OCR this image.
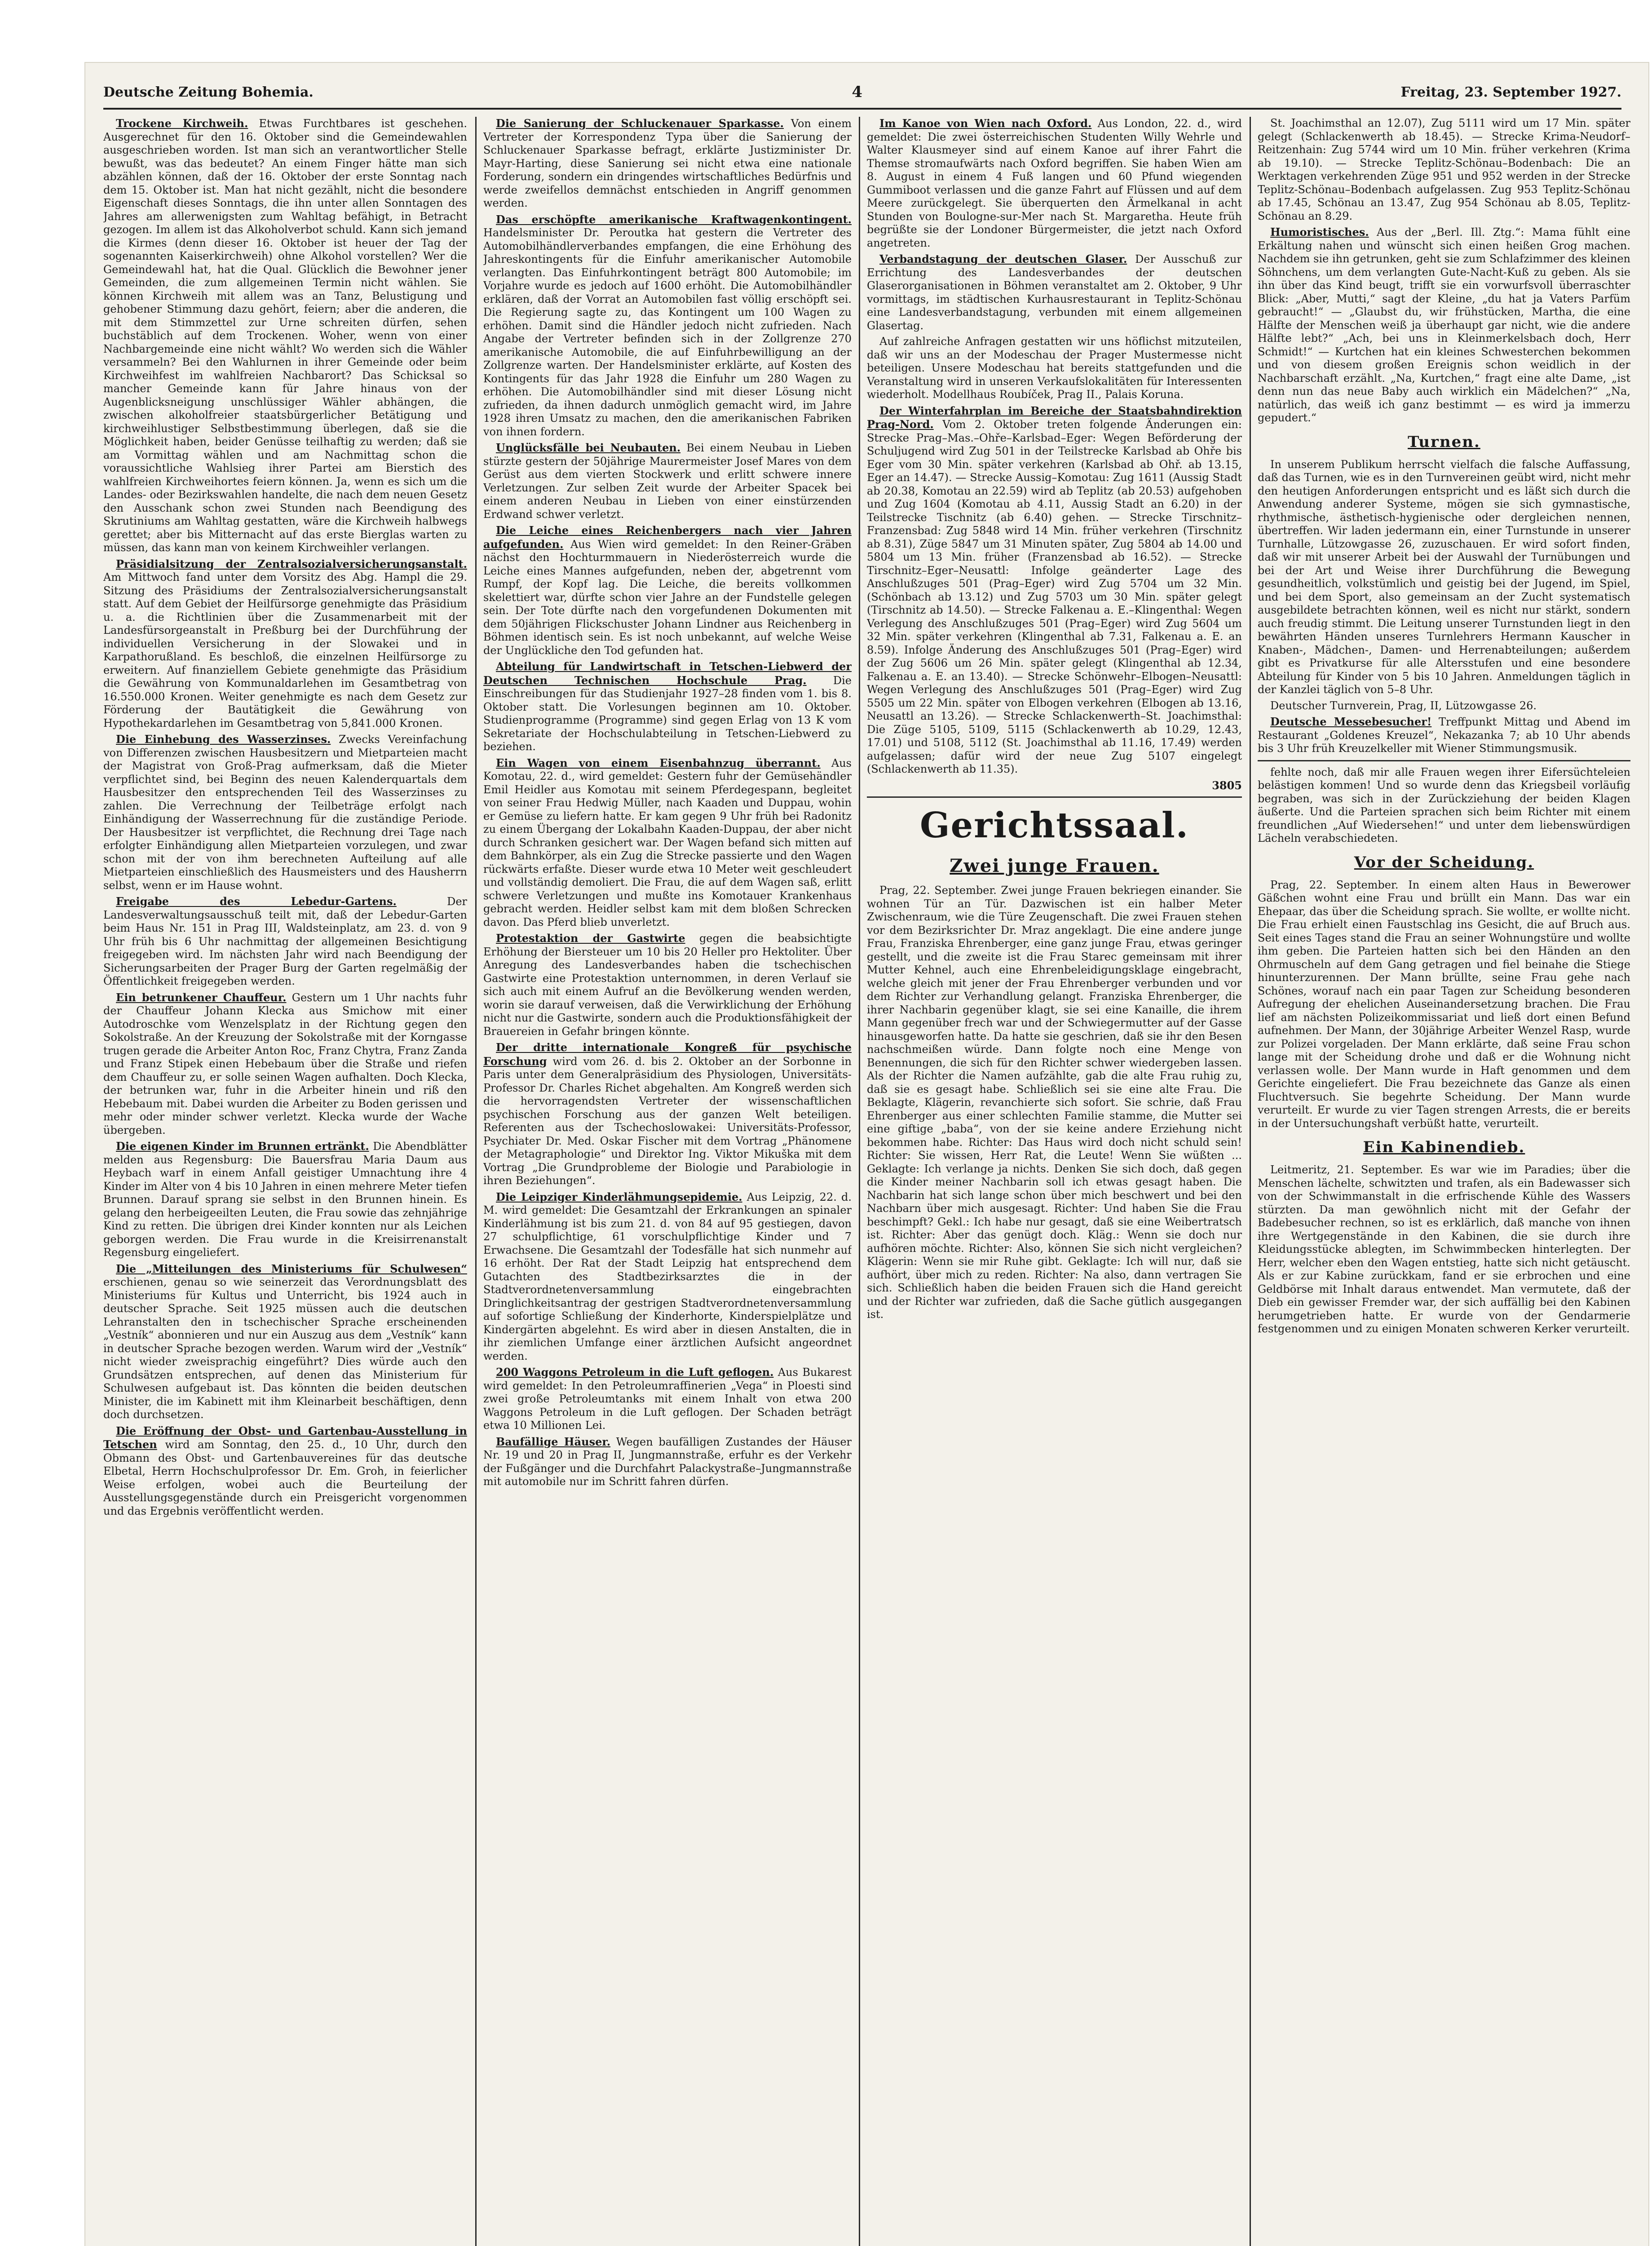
Deutsche Zeitung Bohemia.	4	Freitag, 23. September 1927.

Trockene Kirchweih. Etwas Furchtbares ist geschehen. Ausgerechnet für den 16. Oktober sind die Gemeindewahlen ausgeschrieben worden. Ist man sich an verantwortlicher Stelle bewußt, was das bedeutet? An einem Finger hätte man sich abzählen können, daß der 16. Oktober der erste Sonntag nach dem 15. Oktober ist. Man hat nicht gezählt, nicht die besondere Eigenschaft dieses Sonntags, die ihn unter allen Sonntagen des Jahres am allerwenigsten zum Wahltag befähigt, in Betracht gezogen. Im allem ist das Alkoholverbot schuld. Kann sich jemand die Kirmes (denn dieser 16. Oktober ist heuer der Tag der sogenannten Kaiserkirchweih) ohne Alkohol vorstellen? Wer die Gemeindewahl hat, hat die Qual. Glücklich die Bewohner jener Gemeinden, die zum allgemeinen Termin nicht wählen. Sie können Kirchweih mit allem was an Tanz, Belustigung und gehobener Stimmung dazu gehört, feiern; aber die anderen, die mit dem Stimmzettel zur Urne schreiten dürfen, sehen buchstäblich auf dem Trockenen. Woher, wenn von einer Nachbargemeinde eine nicht wählt? Wo werden sich die Wähler versammeln? Bei den Wahlurnen in ihrer Gemeinde oder beim Kirchweihfest im wahlfreien Nachbarort? Das Schicksal so mancher Gemeinde kann für Jahre hinaus von der Augenblicksneigung unschlüssiger Wähler abhängen, die zwischen alkoholfreier staatsbürgerlicher Betätigung und kirchweihlustiger Selbstbestimmung überlegen, daß sie die Möglichkeit haben, beider Genüsse teilhaftig zu werden; daß sie am Vormittag wählen und am Nachmittag schon die voraussichtliche Wahlsieg ihrer Partei am Bierstich des wahlfreien Kirchweihortes feiern können. Ja, wenn es sich um die Landes- oder Bezirkswahlen handelte, die nach dem neuen Gesetz den Ausschank schon zwei Stunden nach Beendigung des Skrutiniums am Wahltag gestatten, wäre die Kirchweih halbwegs gerettet; aber bis Mitternacht auf das erste Bierglas warten zu müssen, das kann man von keinem Kirchweihler verlangen.

Präsidialsitzung der Zentralsozialversicherungsanstalt. Am Mittwoch fand unter dem Vorsitz des Abg. Hampl die 29. Sitzung des Präsidiums der Zentralsozialversicherungsanstalt statt. Auf dem Gebiet der Heilfürsorge genehmigte das Präsidium u. a. die Richtlinien über die Zusammenarbeit mit der Landesfürsorgeanstalt in Preßburg bei der Durchführung der individuellen Versicherung in der Slowakei und in Karpathorußland. Es beschloß, die einzelnen Heilfürsorge zu erweitern. Auf finanziellem Gebiete genehmigte das Präsidium die Gewährung von Kommunaldarlehen im Gesamtbetrag von 16.550.000 Kronen. Weiter genehmigte es nach dem Gesetz zur Förderung der Bautätigkeit die Gewährung von Hypothekardarlehen im Gesamtbetrag von 5,841.000 Kronen.

Die Einhebung des Wasserzinses. Zwecks Vereinfachung von Differenzen zwischen Hausbesitzern und Mietparteien macht der Magistrat von Groß-Prag aufmerksam, daß die Mieter verpflichtet sind, bei Beginn des neuen Kalenderquartals dem Hausbesitzer den entsprechenden Teil des Wasserzinses zu zahlen. Die Verrechnung der Teilbeträge erfolgt nach Einhändigung der Wasserrechnung für die zuständige Periode. Der Hausbesitzer ist verpflichtet, die Rechnung drei Tage nach erfolgter Einhändigung allen Mietparteien vorzulegen, und zwar schon mit der von ihm berechneten Aufteilung auf alle Mietparteien einschließlich des Hausmeisters und des Hausherrn selbst, wenn er im Hause wohnt.

Freigabe des Lebedur-Gartens.	Der Landesverwaltungsausschuß teilt mit, daß der Lebedur-Garten beim Haus Nr. 151 in Prag III, Waldsteinplatz, am 23. d. von 9 Uhr früh bis 6 Uhr nachmittag der allgemeinen Besichtigung freigegeben wird. Im nächsten Jahr wird nach Beendigung der Sicherungsarbeiten der Prager Burg der Garten regelmäßig der Öffentlichkeit freigegeben werden.

Ein betrunkener Chauffeur. Gestern um 1 Uhr nachts fuhr der Chauffeur Johann Klecka aus Smichow mit einer Autodroschke vom Wenzelsplatz in der Richtung gegen den Sokolstraße. An der Kreuzung der Sokolstraße mit der Korngasse trugen gerade die Arbeiter Anton Roc, Franz Chytra, Franz Zanda und Franz Stipek einen Hebebaum über die Straße und riefen dem Chauffeur zu, er solle seinen Wagen aufhalten. Doch Klecka, der betrunken war, fuhr in die Arbeiter hinein und riß den Hebebaum mit. Dabei wurden die Arbeiter zu Boden gerissen und mehr oder minder schwer verletzt. Klecka wurde der Wache übergeben.

Die eigenen Kinder im Brunnen ertränkt. Die Abendblätter melden aus Regensburg: Die Bauersfrau Maria Daum aus Heybach warf in einem Anfall geistiger Umnachtung ihre 4 Kinder im Alter von 4 bis 10 Jahren in einen mehrere Meter tiefen Brunnen. Darauf sprang sie selbst in den Brunnen hinein. Es gelang den herbeigeeilten Leuten, die Frau sowie das zehnjährige Kind zu retten. Die übrigen drei Kinder konnten nur als Leichen geborgen werden. Die Frau wurde in die Kreisirrenanstalt Regensburg eingeliefert.

Die „Mitteilungen des Ministeriums für Schulwesen“ erschienen, genau so wie seinerzeit das Verordnungsblatt des Ministeriums für Kultus und Unterricht, bis 1924 auch in deutscher Sprache. Seit 1925 müssen auch die deutschen Lehranstalten den in tschechischer Sprache erscheinenden „Vestník“ abonnieren und nur ein Auszug aus dem „Vestník“ kann in deutscher Sprache bezogen werden. Warum wird der „Vestník“ nicht wieder zweisprachig eingeführt? Dies würde auch den Grundsätzen entsprechen, auf denen das Ministerium für Schulwesen aufgebaut ist. Das könnten die beiden deutschen Minister, die im Kabinett mit ihm Kleinarbeit beschäftigen, denn doch durchsetzen.

Die Eröffnung der Obst- und Gartenbau-Ausstellung in Tetschen wird am Sonntag, den 25. d., 10 Uhr, durch den Obmann des Obst- und Gartenbauvereines für das deutsche Elbetal, Herrn Hochschulprofessor Dr. Em. Groh, in feierlicher Weise erfolgen, wobei auch die Beurteilung der Ausstellungsgegenstände durch ein Preisgericht vorgenommen und das Ergebnis veröffentlicht werden.

Die Sanierung der Schluckenauer Sparkasse. Von einem Vertreter der Korrespondenz Typa über die Sanierung der Schluckenauer Sparkasse befragt, erklärte Justizminister Dr. Mayr-Harting, diese Sanierung sei nicht etwa eine nationale Forderung, sondern ein dringendes wirtschaftliches Bedürfnis und werde zweifellos demnächst entschieden in Angriff genommen werden.

Das erschöpfte amerikanische Kraftwagenkontingent. Handelsminister Dr. Peroutka hat gestern die Vertreter des Automobilhändlerverbandes empfangen, die eine Erhöhung des Jahreskontingents für die Einfuhr amerikanischer Automobile verlangten. Das Einfuhrkontingent beträgt 800 Automobile; im Vorjahre wurde es jedoch auf 1600 erhöht. Die Automobilhändler erklären, daß der Vorrat an Automobilen fast völlig erschöpft sei. Die Regierung sagte zu, das Kontingent um 100 Wagen zu erhöhen. Damit sind die Händler jedoch nicht zufrieden. Nach Angabe der Vertreter befinden sich in der Zollgrenze 270 amerikanische Automobile, die auf Einfuhrbewilligung an der Zollgrenze warten. Der Handelsminister erklärte, auf Kosten des Kontingents für das Jahr 1928 die Einfuhr um 280 Wagen zu erhöhen. Die Automobilhändler sind mit dieser Lösung nicht zufrieden, da ihnen dadurch unmöglich gemacht wird, im Jahre 1928 ihren Umsatz zu machen, den die amerikanischen Fabriken von ihnen fordern.

Unglücksfälle bei Neubauten. Bei einem Neubau in Lieben stürzte gestern der 50jährige Maurermeister Josef Mares von dem Gerüst aus dem vierten Stockwerk und erlitt schwere innere Verletzungen. Zur selben Zeit wurde der Arbeiter Spacek bei einem anderen Neubau in Lieben von einer einstürzenden Erdwand schwer verletzt.

Die Leiche eines Reichenbergers nach vier Jahren aufgefunden. Aus Wien wird gemeldet: In den Reiner-Gräben nächst den Hochturmmauern in Niederösterreich wurde die Leiche eines Mannes aufgefunden, neben der, abgetrennt vom Rumpf, der Kopf lag. Die Leiche, die bereits vollkommen skelettiert war, dürfte schon vier Jahre an der Fundstelle gelegen sein. Der Tote dürfte nach den vorgefundenen Dokumenten mit dem 50jährigen Flickschuster Johann Lindner aus Reichenberg in Böhmen identisch sein. Es ist noch unbekannt, auf welche Weise der Unglückliche den Tod gefunden hat.

Abteilung für Landwirtschaft in Tetschen-Liebwerd der Deutschen Technischen Hochschule Prag. Die Einschreibungen für das Studienjahr 1927–28 finden vom 1. bis 8. Oktober statt. Die Vorlesungen beginnen am 10. Oktober. Studienprogramme (Programme) sind gegen Erlag von 13 K vom Sekretariate der Hochschulabteilung in Tetschen-Liebwerd zu beziehen.

Ein Wagen von einem Eisenbahnzug überrannt. Aus Komotau, 22. d., wird gemeldet: Gestern fuhr der Gemüsehändler Emil Heidler aus Komotau mit seinem Pferdegespann, begleitet von seiner Frau Hedwig Müller, nach Kaaden und Duppau, wohin er Gemüse zu liefern hatte. Er kam gegen 9 Uhr früh bei Radonitz zu einem Übergang der Lokalbahn Kaaden-Duppau, der aber nicht durch Schranken gesichert war. Der Wagen befand sich mitten auf dem Bahnkörper, als ein Zug die Strecke passierte und den Wagen rückwärts erfaßte. Dieser wurde etwa 10 Meter weit geschleudert und vollständig demoliert. Die Frau, die auf dem Wagen saß, erlitt schwere Verletzungen und mußte ins Komotauer Krankenhaus gebracht werden. Heidler selbst kam mit dem bloßen Schrecken davon. Das Pferd blieb unverletzt.

Protestaktion der Gastwirte gegen die beabsichtigte Erhöhung der Biersteuer um 10 bis 20 Heller pro Hektoliter. Über Anregung des Landesverbandes haben die tschechischen Gastwirte eine Protestaktion unternommen, in deren Verlauf sie sich auch mit einem Aufruf an die Bevölkerung wenden werden, worin sie darauf verweisen, daß die Verwirklichung der Erhöhung nicht nur die Gastwirte, sondern auch die Produktionsfähigkeit der Brauereien in Gefahr bringen könnte.

Der dritte internationale Kongreß für psychische Forschung wird vom 26. d. bis 2. Oktober an der Sorbonne in Paris unter dem Generalpräsidium des Physiologen, Universitäts-Professor Dr. Charles Richet abgehalten. Am Kongreß werden sich die hervorragendsten Vertreter der wissenschaftlichen psychischen Forschung aus der ganzen Welt beteiligen. Referenten aus der Tschechoslowakei: Universitäts-Professor, Psychiater Dr. Med. Oskar Fischer mit dem Vortrag „Phänomene der Metagraphologie“ und Direktor Ing. Viktor Mikuška mit dem Vortrag „Die Grundprobleme der Biologie und Parabiologie in ihren Beziehungen“.

Die Leipziger Kinderlähmungsepidemie. Aus Leipzig, 22. d. M. wird gemeldet: Die Gesamtzahl der Erkrankungen an spinaler Kinderlähmung ist bis zum 21. d. von 84 auf 95 gestiegen, davon 27 schulpflichtige, 61 vorschulpflichtige Kinder und 7 Erwachsene. Die Gesamtzahl der Todesfälle hat sich nunmehr auf 16 erhöht. Der Rat der Stadt Leipzig hat entsprechend dem Gutachten des Stadtbezirksarztes die in der Stadtverordnetenversammlung eingebrachten Dringlichkeitsantrag der gestrigen Stadtverordnetenversammlung auf sofortige Schließung der Kinderhorte, Kinderspielplätze und Kindergärten abgelehnt. Es wird aber in diesen Anstalten, die in ihr ziemlichen Umfange einer ärztlichen Aufsicht angeordnet werden.

200 Waggons Petroleum in die Luft geflogen. Aus Bukarest wird gemeldet: In den Petroleumraffinerien „Vega“ in Ploesti sind zwei große Petroleumtanks mit einem Inhalt von etwa 200 Waggons Petroleum in die Luft geflogen. Der Schaden beträgt etwa 10 Millionen Lei.

Baufällige Häuser. Wegen baufälligen Zustandes der Häuser Nr. 19 und 20 in Prag II, Jungmannstraße, erfuhr es der Verkehr der Fußgänger und die Durchfahrt Palackystraße–Jungmannstraße mit automobile nur im Schritt fahren dürfen.

Im Kanoe von Wien nach Oxford. Aus London, 22. d., wird gemeldet: Die zwei österreichischen Studenten Willy Wehrle und Walter Klausmeyer sind auf einem Kanoe auf ihrer Fahrt die Themse stromaufwärts nach Oxford begriffen. Sie haben Wien am 8. August in einem 4 Fuß langen und 60 Pfund wiegenden Gummiboot verlassen und die ganze Fahrt auf Flüssen und auf dem Meere zurückgelegt. Sie überquerten den Ärmelkanal in acht Stunden von Boulogne-sur-Mer nach St. Margaretha. Heute früh begrüßte sie der Londoner Bürgermeister, die jetzt nach Oxford angetreten.

Verbandstagung der deutschen Glaser. Der Ausschuß zur Errichtung des Landesverbandes der deutschen Glaserorganisationen in Böhmen veranstaltet am 2. Oktober, 9 Uhr vormittags, im städtischen Kurhausrestaurant in Teplitz-Schönau eine Landesverbandstagung, verbunden mit einem allgemeinen Glasertag.

Auf zahlreiche Anfragen gestatten wir uns höflichst mitzuteilen, daß wir uns an der Modeschau der Prager Mustermesse nicht beteiligen. Unsere Modeschau hat bereits stattgefunden und die Veranstaltung wird in unseren Verkaufslokalitäten für Interessenten wiederholt. Modellhaus Roubíček, Prag II., Palais Koruna.

Der Winterfahrplan im Bereiche der Staatsbahndirektion Prag-Nord. Vom 2. Oktober treten folgende Änderungen ein: Strecke Prag–Mas.–Ohře–Karlsbad–Eger: Wegen Beförderung der Schuljugend wird Zug 501 in der Teilstrecke Karlsbad ab Ohře bis Eger vom 30 Min. später verkehren (Karlsbad ab Ohř. ab 13.15, Eger an 14.47). — Strecke Aussig–Komotau: Zug 1611 (Aussig Stadt ab 20.38, Komotau an 22.59) wird ab Teplitz (ab 20.53) aufgehoben und Zug 1604 (Komotau ab 4.11, Aussig Stadt an 6.20) in der Teilstrecke Tischnitz (ab 6.40) gehen. — Strecke Tirschnitz–Franzensbad: Zug 5848 wird 14 Min. früher verkehren (Tirschnitz ab 8.31), Züge 5847 um 31 Minuten später, Zug 5804 ab 14.00 und 5804 um 13 Min. früher (Franzensbad ab 16.52). — Strecke Tirschnitz–Eger–Neusattl: Infolge geänderter Lage des Anschlußzuges 501 (Prag–Eger) wird Zug 5704 um 32 Min. (Schönbach ab 13.12) und Zug 5703 um 30 Min. später gelegt (Tirschnitz ab 14.50). — Strecke Falkenau a. E.–Klingenthal: Wegen Verlegung des Anschlußzuges 501 (Prag–Eger) wird Zug 5604 um 32 Min. später verkehren (Klingenthal ab 7.31, Falkenau a. E. an 8.59). Infolge Änderung des Anschlußzuges 501 (Prag–Eger) wird der Zug 5606 um 26 Min. später gelegt (Klingenthal ab 12.34, Falkenau a. E. an 13.40). — Strecke Schönwehr–Elbogen–Neusattl: Wegen Verlegung des Anschlußzuges 501 (Prag–Eger) wird Zug 5505 um 22 Min. später von Elbogen verkehren (Elbogen ab 13.16, Neusattl an 13.26). — Strecke Schlackenwerth–St. Joachimsthal: Die Züge 5105, 5109, 5115 (Schlackenwerth ab 10.29, 12.43, 17.01) und 5108, 5112 (St. Joachimsthal ab 11.16, 17.49) werden aufgelassen; dafür wird der neue Zug 5107 eingelegt (Schlackenwerth ab 11.35).

3805
Gerichtssaal.
Zwei junge Frauen.

Prag, 22. September. Zwei junge Frauen bekriegen einander. Sie wohnen Tür an Tür. Dazwischen ist ein halber Meter Zwischenraum, wie die Türe Zeugenschaft. Die zwei Frauen stehen vor dem Bezirksrichter Dr. Mraz angeklagt. Die eine andere junge Frau, Franziska Ehrenberger, eine ganz junge Frau, etwas geringer gestellt, und die zweite ist die Frau Starec gemeinsam mit ihrer Mutter Kehnel, auch eine Ehrenbeleidigungsklage eingebracht, welche gleich mit jener der Frau Ehrenberger verbunden und vor dem Richter zur Verhandlung gelangt. Franziska Ehrenberger, die ihrer Nachbarin gegenüber klagt, sie sei eine Kanaille, die ihrem Mann gegenüber frech war und der Schwiegermutter auf der Gasse hinausgeworfen hatte. Da hatte sie geschrien, daß sie ihr den Besen nachschmeißen würde. Dann folgte noch eine Menge von Benennungen, die sich für den Richter schwer wiedergeben lassen. Als der Richter die Namen aufzählte, gab die alte Frau ruhig zu, daß sie es gesagt habe. Schließlich sei sie eine alte Frau. Die Beklagte, Klägerin, revanchierte sich sofort. Sie schrie, daß Frau Ehrenberger aus einer schlechten Familie stamme, die Mutter sei eine giftige „baba“, von der sie keine andere Erziehung nicht bekommen habe. Richter: Das Haus wird doch nicht schuld sein! Richter: Sie wissen, Herr Rat, die Leute! Wenn Sie wüßten ... Geklagte: Ich verlange ja nichts. Denken Sie sich doch, daß gegen die Kinder meiner Nachbarin soll ich etwas gesagt haben. Die Nachbarin hat sich lange schon über mich beschwert und bei den Nachbarn über mich ausgesagt. Richter: Und haben Sie die Frau beschimpft? Gekl.: Ich habe nur gesagt, daß sie eine Weibertratsch ist. Richter: Aber das genügt doch. Kläg.: Wenn sie doch nur aufhören möchte. Richter: Also, können Sie sich nicht vergleichen? Klägerin: Wenn sie mir Ruhe gibt. Geklagte: Ich will nur, daß sie aufhört, über mich zu reden. Richter: Na also, dann vertragen Sie sich. Schließlich haben die beiden Frauen sich die Hand gereicht und der Richter war zufrieden, daß die Sache gütlich ausgegangen ist.

St. Joachimsthal an 12.07), Zug 5111 wird um 17 Min. später gelegt (Schlackenwerth ab 18.45). — Strecke Krima-Neudorf–Reitzenhain: Zug 5744 wird um 10 Min. früher verkehren (Krima ab 19.10). — Strecke Teplitz-Schönau–Bodenbach: Die an Werktagen verkehrenden Züge 951 und 952 werden in der Strecke Teplitz-Schönau–Bodenbach aufgelassen. Zug 953 Teplitz-Schönau ab 17.45, Schönau an 13.47, Zug 954 Schönau ab 8.05, Teplitz-Schönau an 8.29.

Humoristisches. Aus der „Berl. Ill. Ztg.“: Mama fühlt eine Erkältung nahen und wünscht sich einen heißen Grog machen. Nachdem sie ihn getrunken, geht sie zum Schlafzimmer des kleinen Söhnchens, um dem verlangten Gute-Nacht-Kuß zu geben. Als sie ihn über das Kind beugt, trifft sie ein vorwurfsvoll überraschter Blick: „Aber, Mutti,“ sagt der Kleine, „du hat ja Vaters Parfüm gebraucht!“ — „Glaubst du, wir frühstücken, Martha, die eine Hälfte der Menschen weiß ja überhaupt gar nicht, wie die andere Hälfte lebt?“ „Ach, bei uns in Kleinmerkelsbach doch, Herr Schmidt!“ — Kurtchen hat ein kleines Schwesterchen bekommen und von diesem großen Ereignis schon weidlich in der Nachbarschaft erzählt. „Na, Kurtchen,“ fragt eine alte Dame, „ist denn nun das neue Baby auch wirklich ein Mädelchen?“ „Na, natürlich, das weiß ich ganz bestimmt — es wird ja immerzu gepudert.“

Turnen.

In unserem Publikum herrscht vielfach die falsche Auffassung, daß das Turnen, wie es in den Turnvereinen geübt wird, nicht mehr den heutigen Anforderungen entspricht und es läßt sich durch die Anwendung anderer Systeme, mögen sie sich gymnastische, rhythmische, ästhetisch-hygienische oder dergleichen nennen, übertreffen. Wir laden jedermann ein, einer Turnstunde in unserer Turnhalle, Lützowgasse 26, zuzuschauen. Er wird sofort finden, daß wir mit unserer Arbeit bei der Auswahl der Turnübungen und bei der Art und Weise ihrer Durchführung die Bewegung gesundheitlich, volkstümlich und geistig bei der Jugend, im Spiel, und bei dem Sport, also gemeinsam an der Zucht systematisch ausgebildete betrachten können, weil es nicht nur stärkt, sondern auch freudig stimmt. Die Leitung unserer Turnstunden liegt in den bewährten Händen unseres Turnlehrers Hermann Kauscher in Knaben-, Mädchen-, Damen- und Herrenabteilungen; außerdem gibt es Privatkurse für alle Altersstufen und eine besondere Abteilung für Kinder von 5 bis 10 Jahren. Anmeldungen täglich in der Kanzlei täglich von 5–8 Uhr.

Deutscher Turnverein, Prag, II, Lützowgasse 26.

Deutsche Messebesucher! Treffpunkt Mittag und Abend im Restaurant „Goldenes Kreuzel“, Nekazanka 7; ab 10 Uhr abends bis 3 Uhr früh Kreuzelkeller mit Wiener Stimmungsmusik.

fehlte noch, daß mir alle Frauen wegen ihrer Eifersüchteleien belästigen kommen! Und so wurde denn das Kriegsbeil vorläufig begraben, was sich in der Zurückziehung der beiden Klagen äußerte. Und die Parteien sprachen sich beim Richter mit einem freundlichen „Auf Wiedersehen!“ und unter dem liebenswürdigen Lächeln verabschiedeten.

Vor der Scheidung.

Prag, 22. September. In einem alten Haus in Bewerower Gäßchen wohnt eine Frau und brüllt ein Mann. Das war ein Ehepaar, das über die Scheidung sprach. Sie wollte, er wollte nicht. Die Frau erhielt einen Faustschlag ins Gesicht, die auf Bruch aus. Seit eines Tages stand die Frau an seiner Wohnungstüre und wollte ihm geben. Die Parteien hatten sich bei den Händen an den Ohrmuscheln auf dem Gang getragen und fiel beinahe die Stiege hinunterzurennen. Der Mann brüllte, seine Frau gehe nach Schönes, worauf nach ein paar Tagen zur Scheidung besonderen Aufregung der ehelichen Auseinandersetzung brachen. Die Frau lief am nächsten Polizeikommissariat und ließ dort einen Befund aufnehmen. Der Mann, der 30jährige Arbeiter Wenzel Rasp, wurde zur Polizei vorgeladen. Der Mann erklärte, daß seine Frau schon lange mit der Scheidung drohe und daß er die Wohnung nicht verlassen wolle. Der Mann wurde in Haft genommen und dem Gerichte eingeliefert. Die Frau bezeichnete das Ganze als einen Fluchtversuch. Sie begehrte Scheidung. Der Mann wurde verurteilt. Er wurde zu vier Tagen strengen Arrests, die er bereits in der Untersuchungshaft verbüßt hatte, verurteilt.

Ein Kabinendieb.

Leitmeritz, 21. September. Es war wie im Paradies; über die Menschen lächelte, schwitzten und trafen, als ein Badewasser sich von der Schwimmanstalt in die erfrischende Kühle des Wassers stürzten. Da man gewöhnlich nicht mit der Gefahr der Badebesucher rechnen, so ist es erklärlich, daß manche von ihnen ihre Wertgegenstände in den Kabinen, die sie durch ihre Kleidungsstücke ablegten, im Schwimmbecken hinterlegten. Der Herr, welcher eben den Wagen entstieg, hatte sich nicht getäuscht. Als er zur Kabine zurückkam, fand er sie erbrochen und eine Geldbörse mit Inhalt daraus entwendet. Man vermutete, daß der Dieb ein gewisser Fremder war, der sich auffällig bei den Kabinen herumgetrieben hatte. Er wurde von der Gendarmerie festgenommen und zu einigen Monaten schweren Kerker verurteilt.
